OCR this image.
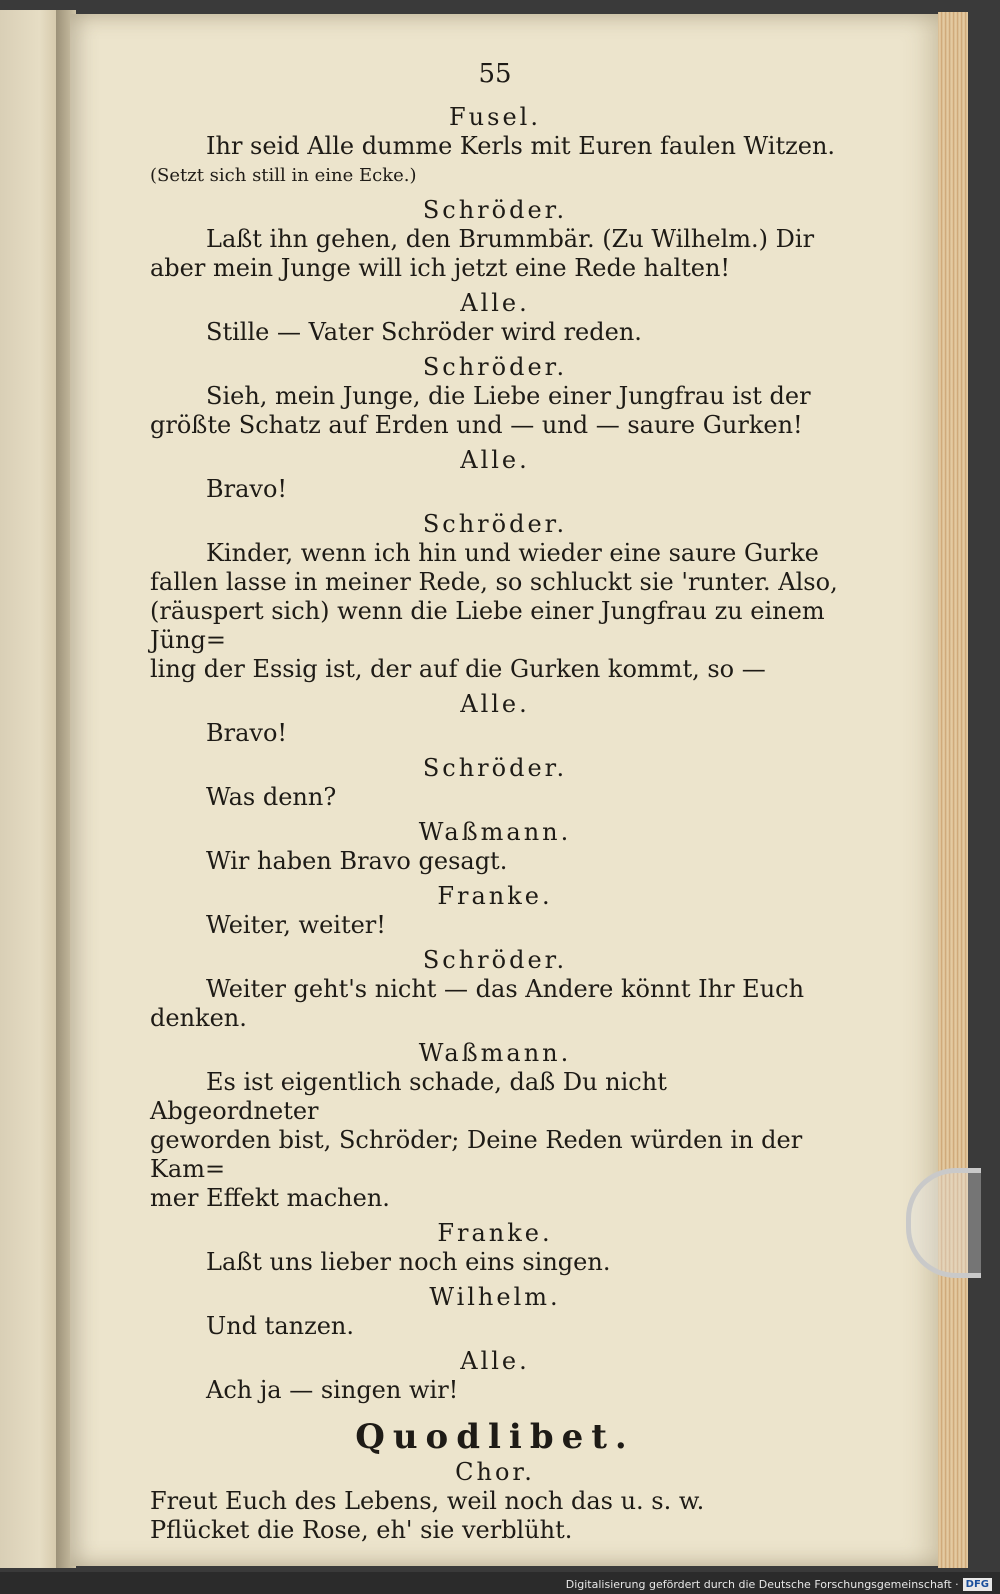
55
Fusel.

Ihr seid Alle dumme Kerls mit Euren faulen Witzen.

(Setzt sich still in eine Ecke.)

Schröder.

Laßt ihn gehen, den Brummbär. (Zu Wilhelm.) Dir

aber mein Junge will ich jetzt eine Rede halten!

Alle.

Stille — Vater Schröder wird reden.

Schröder.

Sieh, mein Junge, die Liebe einer Jungfrau ist der

größte Schatz auf Erden und — und — saure Gurken!

Alle.

Bravo!

Schröder.

Kinder, wenn ich hin und wieder eine saure Gurke

fallen lasse in meiner Rede, so schluckt sie 'runter. Also,

(räuspert sich) wenn die Liebe einer Jungfrau zu einem Jüng=

ling der Essig ist, der auf die Gurken kommt, so —

Alle.

Bravo!

Schröder.

Was denn?

Waßmann.

Wir haben Bravo gesagt.

Franke.

Weiter, weiter!

Schröder.

Weiter geht's nicht — das Andere könnt Ihr Euch

denken.

Waßmann.

Es ist eigentlich schade, daß Du nicht Abgeordneter

geworden bist, Schröder; Deine Reden würden in der Kam=

mer Effekt machen.

Franke.

Laßt uns lieber noch eins singen.

Wilhelm.

Und tanzen.

Alle.

Ach ja — singen wir!

Quodlibet.
Chor.

Freut Euch des Lebens, weil noch das u. s. w.

Pflücket die Rose, eh' sie verblüht.

Digitalisierung gefördert durch die Deutsche Forschungsgemeinschaft · DFG
